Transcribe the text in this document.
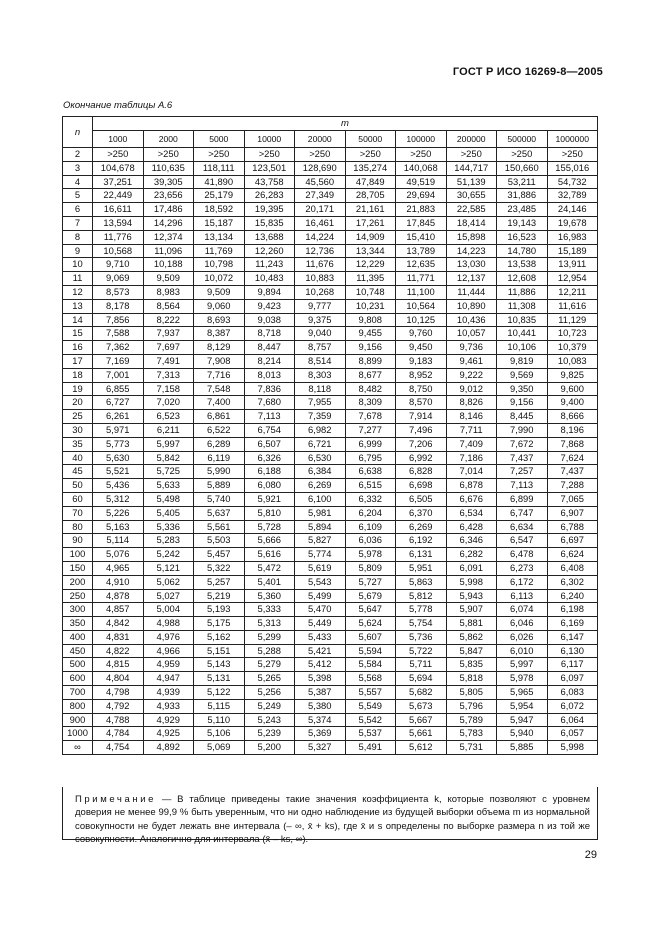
ГОСТ Р ИСО 16269-8—2005
Окончание таблицы А.6
n	m									
	1000	2000	5000	10000	20000	50000	100000	200000	500000	1000000
2	>250	>250	>250	>250	>250	>250	>250	>250	>250	>250
3	104,678	110,635	118,111	123,501	128,690	135,274	140,068	144,717	150,660	155,016
4	37,251	39,305	41,890	43,758	45,560	47,849	49,519	51,139	53,211	54,732
5	22,449	23,656	25,179	26,283	27,349	28,705	29,694	30,655	31,886	32,789
6	16,611	17,486	18,592	19,395	20,171	21,161	21,883	22,585	23,485	24,146
7	13,594	14,296	15,187	15,835	16,461	17,261	17,845	18,414	19,143	19,678
8	11,776	12,374	13,134	13,688	14,224	14,909	15,410	15,898	16,523	16,983
9	10,568	11,096	11,769	12,260	12,736	13,344	13,789	14,223	14,780	15,189
10	9,710	10,188	10,798	11,243	11,676	12,229	12,635	13,030	13,538	13,911
11	9,069	9,509	10,072	10,483	10,883	11,395	11,771	12,137	12,608	12,954
12	8,573	8,983	9,509	9,894	10,268	10,748	11,100	11,444	11,886	12,211
13	8,178	8,564	9,060	9,423	9,777	10,231	10,564	10,890	11,308	11,616
14	7,856	8,222	8,693	9,038	9,375	9,808	10,125	10,436	10,835	11,129
15	7,588	7,937	8,387	8,718	9,040	9,455	9,760	10,057	10,441	10,723
16	7,362	7,697	8,129	8,447	8,757	9,156	9,450	9,736	10,106	10,379
17	7,169	7,491	7,908	8,214	8,514	8,899	9,183	9,461	9,819	10,083
18	7,001	7,313	7,716	8,013	8,303	8,677	8,952	9,222	9,569	9,825
19	6,855	7,158	7,548	7,836	8,118	8,482	8,750	9,012	9,350	9,600
20	6,727	7,020	7,400	7,680	7,955	8,309	8,570	8,826	9,156	9,400
25	6,261	6,523	6,861	7,113	7,359	7,678	7,914	8,146	8,445	8,666
30	5,971	6,211	6,522	6,754	6,982	7,277	7,496	7,711	7,990	8,196
35	5,773	5,997	6,289	6,507	6,721	6,999	7,206	7,409	7,672	7,868
40	5,630	5,842	6,119	6,326	6,530	6,795	6,992	7,186	7,437	7,624
45	5,521	5,725	5,990	6,188	6,384	6,638	6,828	7,014	7,257	7,437
50	5,436	5,633	5,889	6,080	6,269	6,515	6,698	6,878	7,113	7,288
60	5,312	5,498	5,740	5,921	6,100	6,332	6,505	6,676	6,899	7,065
70	5,226	5,405	5,637	5,810	5,981	6,204	6,370	6,534	6,747	6,907
80	5,163	5,336	5,561	5,728	5,894	6,109	6,269	6,428	6,634	6,788
90	5,114	5,283	5,503	5,666	5,827	6,036	6,192	6,346	6,547	6,697
100	5,076	5,242	5,457	5,616	5,774	5,978	6,131	6,282	6,478	6,624
150	4,965	5,121	5,322	5,472	5,619	5,809	5,951	6,091	6,273	6,408
200	4,910	5,062	5,257	5,401	5,543	5,727	5,863	5,998	6,172	6,302
250	4,878	5,027	5,219	5,360	5,499	5,679	5,812	5,943	6,113	6,240
300	4,857	5,004	5,193	5,333	5,470	5,647	5,778	5,907	6,074	6,198
350	4,842	4,988	5,175	5,313	5,449	5,624	5,754	5,881	6,046	6,169
400	4,831	4,976	5,162	5,299	5,433	5,607	5,736	5,862	6,026	6,147
450	4,822	4,966	5,151	5,288	5,421	5,594	5,722	5,847	6,010	6,130
500	4,815	4,959	5,143	5,279	5,412	5,584	5,711	5,835	5,997	6,117
600	4,804	4,947	5,131	5,265	5,398	5,568	5,694	5,818	5,978	6,097
700	4,798	4,939	5,122	5,256	5,387	5,557	5,682	5,805	5,965	6,083
800	4,792	4,933	5,115	5,249	5,380	5,549	5,673	5,796	5,954	6,072
900	4,788	4,929	5,110	5,243	5,374	5,542	5,667	5,789	5,947	6,064
1000	4,784	4,925	5,106	5,239	5,369	5,537	5,661	5,783	5,940	6,057
∞	4,754	4,892	5,069	5,200	5,327	5,491	5,612	5,731	5,885	5,998
Примечание — В таблице приведены такие значения коэффициента k, которые позволяют с уровнем доверия не менее 99,9 % быть уверенным, что ни одно наблюдение из будущей выборки объема m из нормальной совокупности не будет лежать вне интервала (– ∞, x̄ + ks), где x̄ и s определены по выборке размера n из той же совокупности. Аналогично для интервала (x̄ – ks, ∞).
29
